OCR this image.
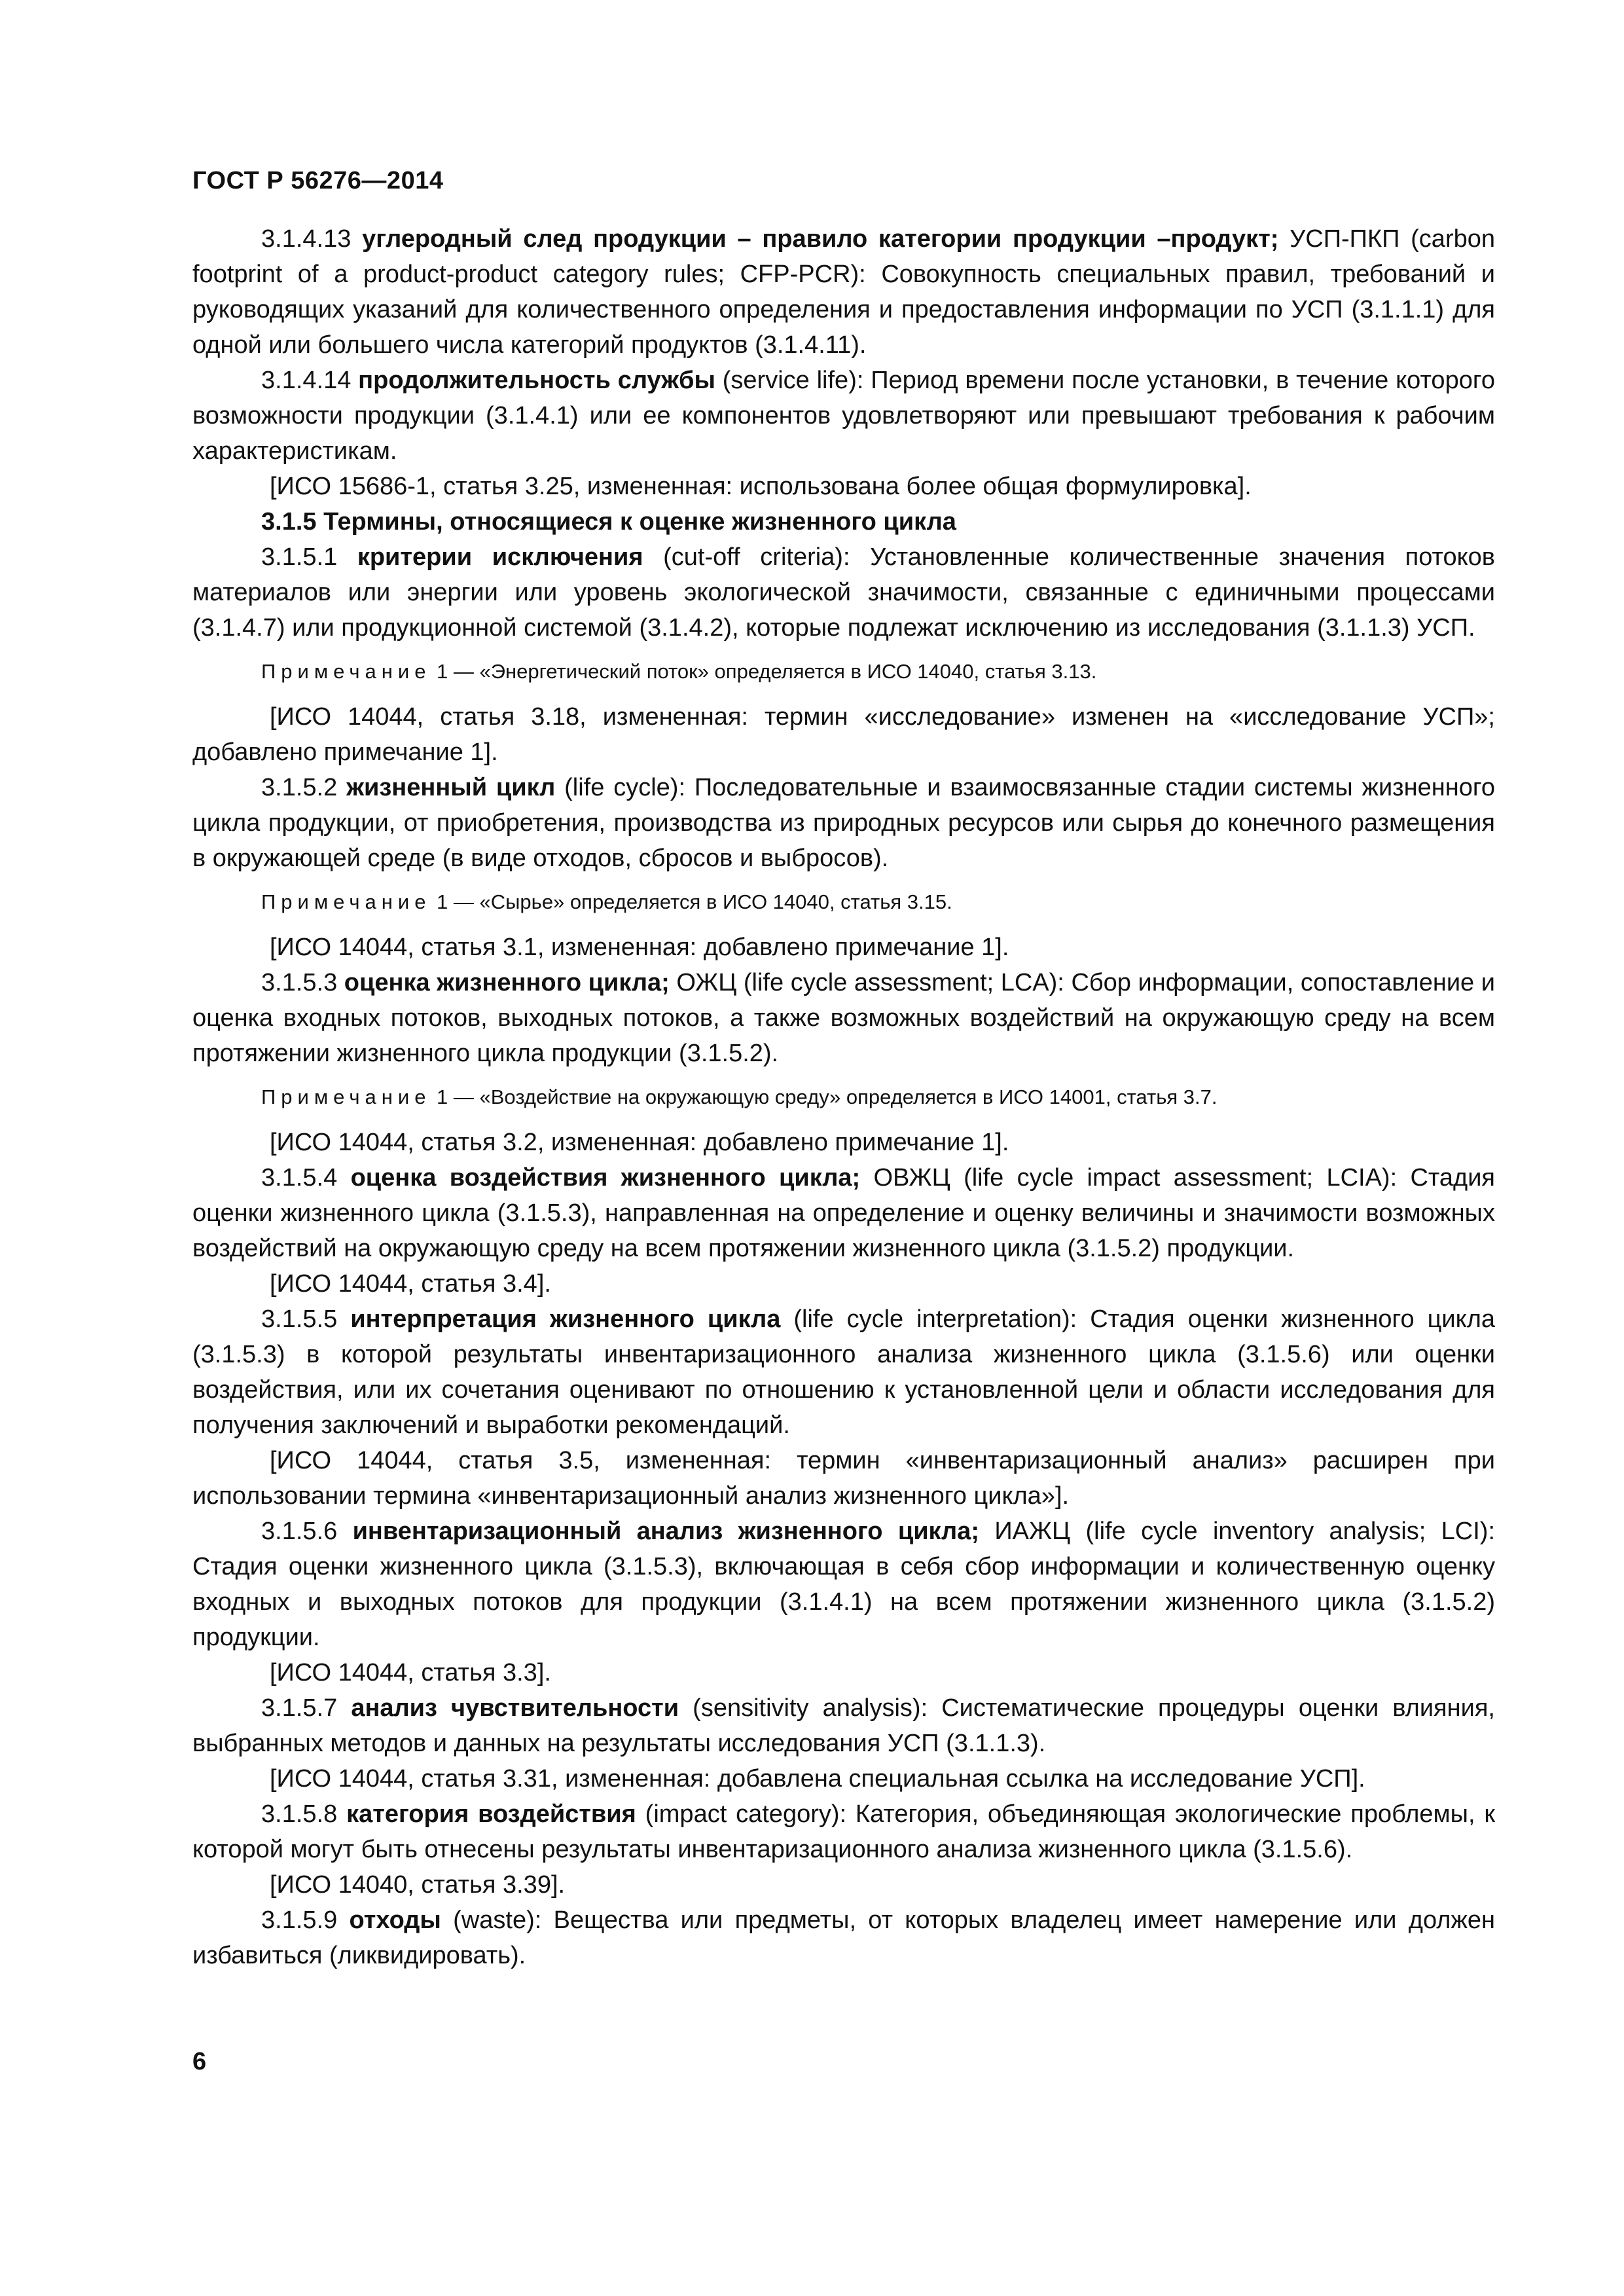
ГОСТ Р 56276—2014

3.1.4.13 углеродный след продукции – правило категории продукции –продукт; УСП-ПКП (carbon footprint of a product-product category rules; CFP-PCR): Совокупность специальных правил, требований и руководящих указаний для количественного определения и предоставления информации по УСП (3.1.1.1) для одной или большего числа категорий продуктов (3.1.4.11).

3.1.4.14 продолжительность службы (service life): Период времени после установки, в течение которого возможности продукции (3.1.4.1) или ее компонентов удовлетворяют или превышают требования к рабочим характеристикам.

[ИСО 15686-1, статья 3.25, измененная: использована более общая формулировка].

3.1.5 Термины, относящиеся к оценке жизненного цикла

3.1.5.1 критерии исключения (cut-off criteria): Установленные количественные значения потоков материалов или энергии или уровень экологической значимости, связанные с единичными процессами (3.1.4.7) или продукционной системой (3.1.4.2), которые подлежат исключению из исследования (3.1.1.3) УСП.

Примечание 1 — «Энергетический поток» определяется в ИСО 14040, статья 3.13.

[ИСО 14044, статья 3.18, измененная: термин «исследование» изменен на «исследование УСП»; добавлено примечание 1].

3.1.5.2 жизненный цикл (life cycle): Последовательные и взаимосвязанные стадии системы жизненного цикла продукции, от приобретения, производства из природных ресурсов или сырья до конечного размещения в окружающей среде (в виде отходов, сбросов и выбросов).

Примечание 1 — «Сырье» определяется в ИСО 14040, статья 3.15.

[ИСО 14044, статья 3.1, измененная: добавлено примечание 1].

3.1.5.3 оценка жизненного цикла; ОЖЦ (life cycle assessment; LCA): Сбор информации, сопоставление и оценка входных потоков, выходных потоков, а также возможных воздействий на окружающую среду на всем протяжении жизненного цикла продукции (3.1.5.2).

Примечание 1 — «Воздействие на окружающую среду» определяется в ИСО 14001, статья 3.7.

[ИСО 14044, статья 3.2, измененная: добавлено примечание 1].

3.1.5.4 оценка воздействия жизненного цикла; ОВЖЦ (life cycle impact assessment; LCIA): Стадия оценки жизненного цикла (3.1.5.3), направленная на определение и оценку величины и значимости возможных воздействий на окружающую среду на всем протяжении жизненного цикла (3.1.5.2) продукции.

[ИСО 14044, статья 3.4].

3.1.5.5 интерпретация жизненного цикла (life cycle interpretation): Стадия оценки жизненного цикла (3.1.5.3) в которой результаты инвентаризационного анализа жизненного цикла (3.1.5.6) или оценки воздействия, или их сочетания оценивают по отношению к установленной цели и области исследования для получения заключений и выработки рекомендаций.

[ИСО 14044, статья 3.5, измененная: термин «инвентаризационный анализ» расширен при использовании термина «инвентаризационный анализ жизненного цикла»].

3.1.5.6 инвентаризационный анализ жизненного цикла; ИАЖЦ (life cycle inventory analysis; LCI): Стадия оценки жизненного цикла (3.1.5.3), включающая в себя сбор информации и количественную оценку входных и выходных потоков для продукции (3.1.4.1) на всем протяжении жизненного цикла (3.1.5.2) продукции.

[ИСО 14044, статья 3.3].

3.1.5.7 анализ чувствительности (sensitivity analysis): Систематические процедуры оценки влияния, выбранных методов и данных на результаты исследования УСП (3.1.1.3).

[ИСО 14044, статья 3.31, измененная: добавлена специальная ссылка на исследование УСП].

3.1.5.8 категория воздействия (impact category): Категория, объединяющая экологические проблемы, к которой могут быть отнесены результаты инвентаризационного анализа жизненного цикла (3.1.5.6).

[ИСО 14040, статья 3.39].

3.1.5.9 отходы (waste): Вещества или предметы, от которых владелец имеет намерение или должен избавиться (ликвидировать).

6
